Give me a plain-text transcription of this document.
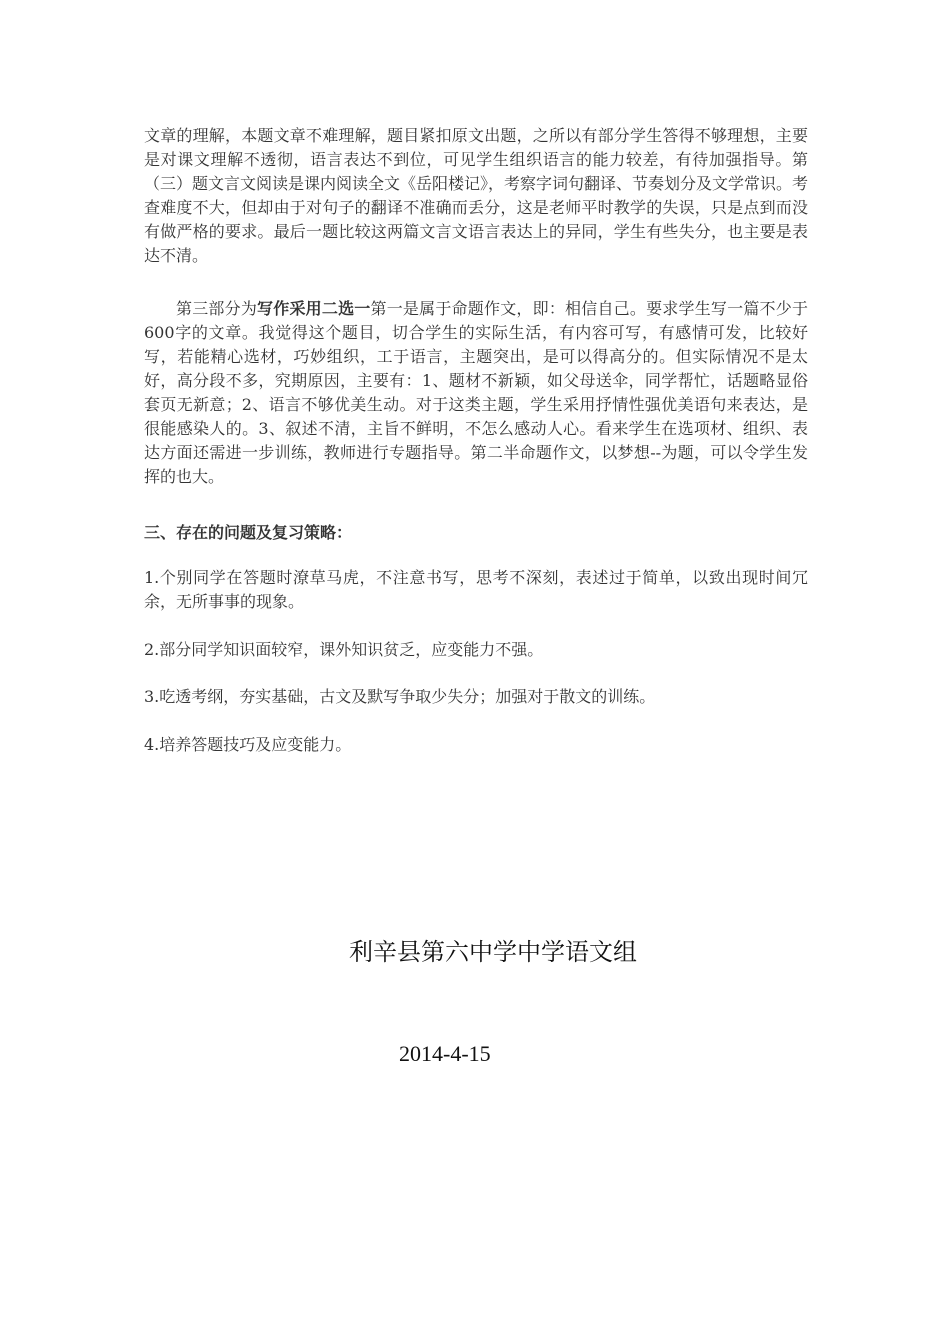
文章的理解，本题文章不难理解，题目紧扣原文出题，之所以有部分学生答得不够理想，主要是对课文理解不透彻，语言表达不到位，可见学生组织语言的能力较差，有待加强指导。第（三）题文言文阅读是课内阅读全文《岳阳楼记》，考察字词句翻译、节奏划分及文学常识。考查难度不大，但却由于对句子的翻译不准确而丢分，这是老师平时教学的失误，只是点到而没有做严格的要求。最后一题比较这两篇文言文语言表达上的异同，学生有些失分，也主要是表达不清。

第三部分为写作采用二选一第一是属于命题作文，即：相信自己。要求学生写一篇不少于600字的文章。我觉得这个题目，切合学生的实际生活，有内容可写，有感情可发，比较好写，若能精心选材，巧妙组织，工于语言，主题突出，是可以得高分的。但实际情况不是太好，高分段不多，究期原因，主要有：1、题材不新颖，如父母送伞，同学帮忙，话题略显俗套页无新意；2、语言不够优美生动。对于这类主题，学生采用抒情性强优美语句来表达，是很能感染人的。3、叙述不清，主旨不鲜明，不怎么感动人心。看来学生在选项材、组织、表达方面还需进一步训练，教师进行专题指导。第二半命题作文，以梦想--为题，可以令学生发挥的也大。

三、存在的问题及复习策略：

1.个别同学在答题时潦草马虎，不注意书写，思考不深刻，表述过于简单，以致出现时间冗余，无所事事的现象。

2.部分同学知识面较窄，课外知识贫乏，应变能力不强。

3.吃透考纲，夯实基础，古文及默写争取少失分；加强对于散文的训练。

4.培养答题技巧及应变能力。

利辛县第六中学中学语文组

2014-4-15
